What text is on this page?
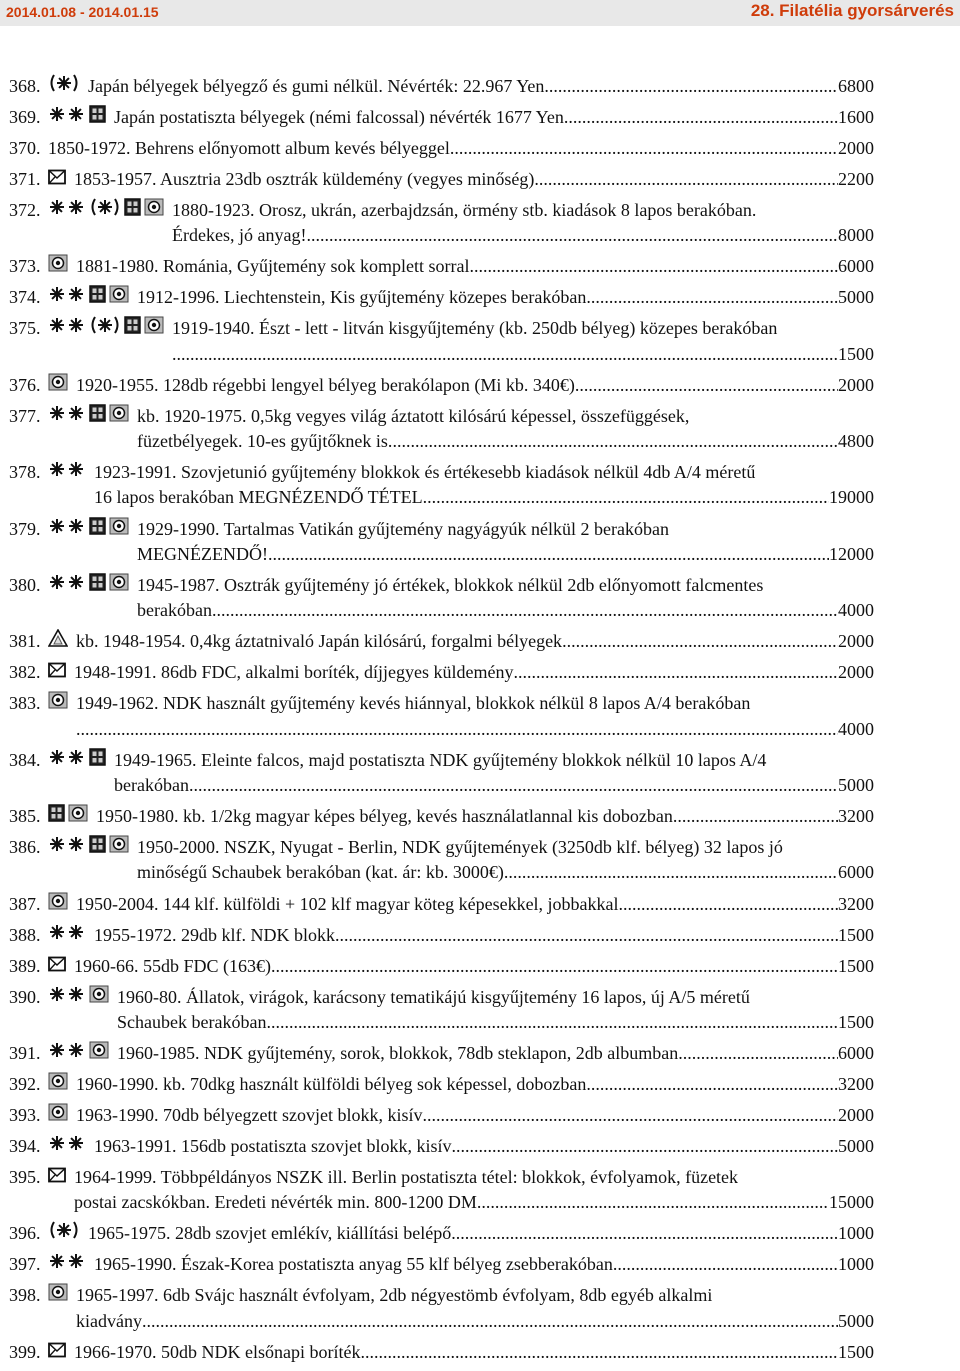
2014.01.08 - 2014.01.15	28. Filatélia gyorsárverés
368.	Japán bélyegek bélyegző és gumi nélkül. Névérték: 22.967 Yen .....	6800
369.	Japán postatiszta bélyegek (némi falcossal) névérték 1677 Yen .....	1600
370. 1850-1972. Behrens előnyomott album kevés bélyeggel .....	2000
371. 1853-1957. Ausztria 23db osztrák küldemény (vegyes minőség) .....	2200
372.	1880-1923. Orosz, ukrán, azerbajdzsán, örmény stb. kiadások 8 lapos berakóban.
Érdekes, jó anyag! .....	8000
373. 1881-1980. Románia, Gyűjtemény sok komplett sorral .....	6000
374.	1912-1996. Liechtenstein, Kis gyűjtemény közepes berakóban .....	5000
375.	1919-1940. Észt - lett - litván kisgyűjtemény (kb. 250db bélyeg) közepes berakóban
.. .....	1500
376. 1920-1955. 128db régebbi lengyel bélyeg berakólapon (Mi kb. 340€) .....	2000
377.	kb. 1920-1975. 0,5kg vegyes világ áztatott kilósárú képessel, összefüggések,
füzetbélyegek. 10-es gyűjtőknek is. .....	4800
378.	1923-1991. Szovjetunió gyűjtemény blokkok és értékesebb kiadások nélkül 4db A/4 méretű
16 lapos berakóban MEGNÉZENDŐ TÉTEL .....	19000
379.	1929-1990. Tartalmas Vatikán gyűjtemény nagyágyúk nélkül 2 berakóban
MEGNÉZENDŐ! .....	12000
380.	1945-1987. Osztrák gyűjtemény jó értékek, blokkok nélkül 2db előnyomott falcmentes
berakóban .....	4000
381. kb. 1948-1954. 0,4kg áztatnivaló Japán kilósárú, forgalmi bélyegek .....	2000
382. 1948-1991. 86db FDC, alkalmi boríték, díjjegyes küldemény .....	2000
383. 1949-1962. NDK használt gyűjtemény kevés hiánnyal, blokkok nélkül 8 lapos A/4 berakóban
.. .....	4000
384.	1949-1965. Eleinte falcos, majd postatiszta NDK gyűjtemény blokkok nélkül 10 lapos A/4
berakóban .....	5000
385.	1950-1980. kb. 1/2kg magyar képes bélyeg, kevés használatlannal kis dobozban .....	3200
386.	1950-2000. NSZK, Nyugat - Berlin, NDK gyűjtemények (3250db klf. bélyeg) 32 lapos jó
minőségű Schaubek berakóban (kat. ár: kb. 3000€) .....	6000
387. 1950-2004. 144 klf. külföldi + 102 klf magyar köteg képesekkel, jobbakkal .....	3200
388.	1955-1972. 29db klf. NDK blokk .....	1500
389. 1960-66. 55db FDC (163€) .....	1500
390.	1960-80. Állatok, virágok, karácsony tematikájú kisgyűjtemény 16 lapos, új A/5 méretű
Schaubek berakóban .....	1500
391.	1960-1985. NDK gyűjtemény, sorok, blokkok, 78db steklapon, 2db albumban .....	6000
392. 1960-1990. kb. 70dkg használt külföldi bélyeg sok képessel, dobozban .....	3200
393. 1963-1990. 70db bélyegzett szovjet blokk, kisív .....	2000
394.	1963-1991. 156db postatiszta szovjet blokk, kisív .....	5000
395. 1964-1999. Többpéldányos NSZK ill. Berlin postatiszta tétel: blokkok, évfolyamok, füzetek
postai zacskókban. Eredeti névérték min. 800-1200 DM .....	15000
396.	1965-1975. 28db szovjet emlékív, kiállítási belépő .....	1000
397.	1965-1990. Észak-Korea postatiszta anyag 55 klf bélyeg zsebberakóban .....	1000
398. 1965-1997. 6db Svájc használt évfolyam, 2db négyestömb évfolyam, 8db egyéb alkalmi
kiadvány .....	5000
399. 1966-1970. 50db NDK elsőnapi boríték .....	1500
